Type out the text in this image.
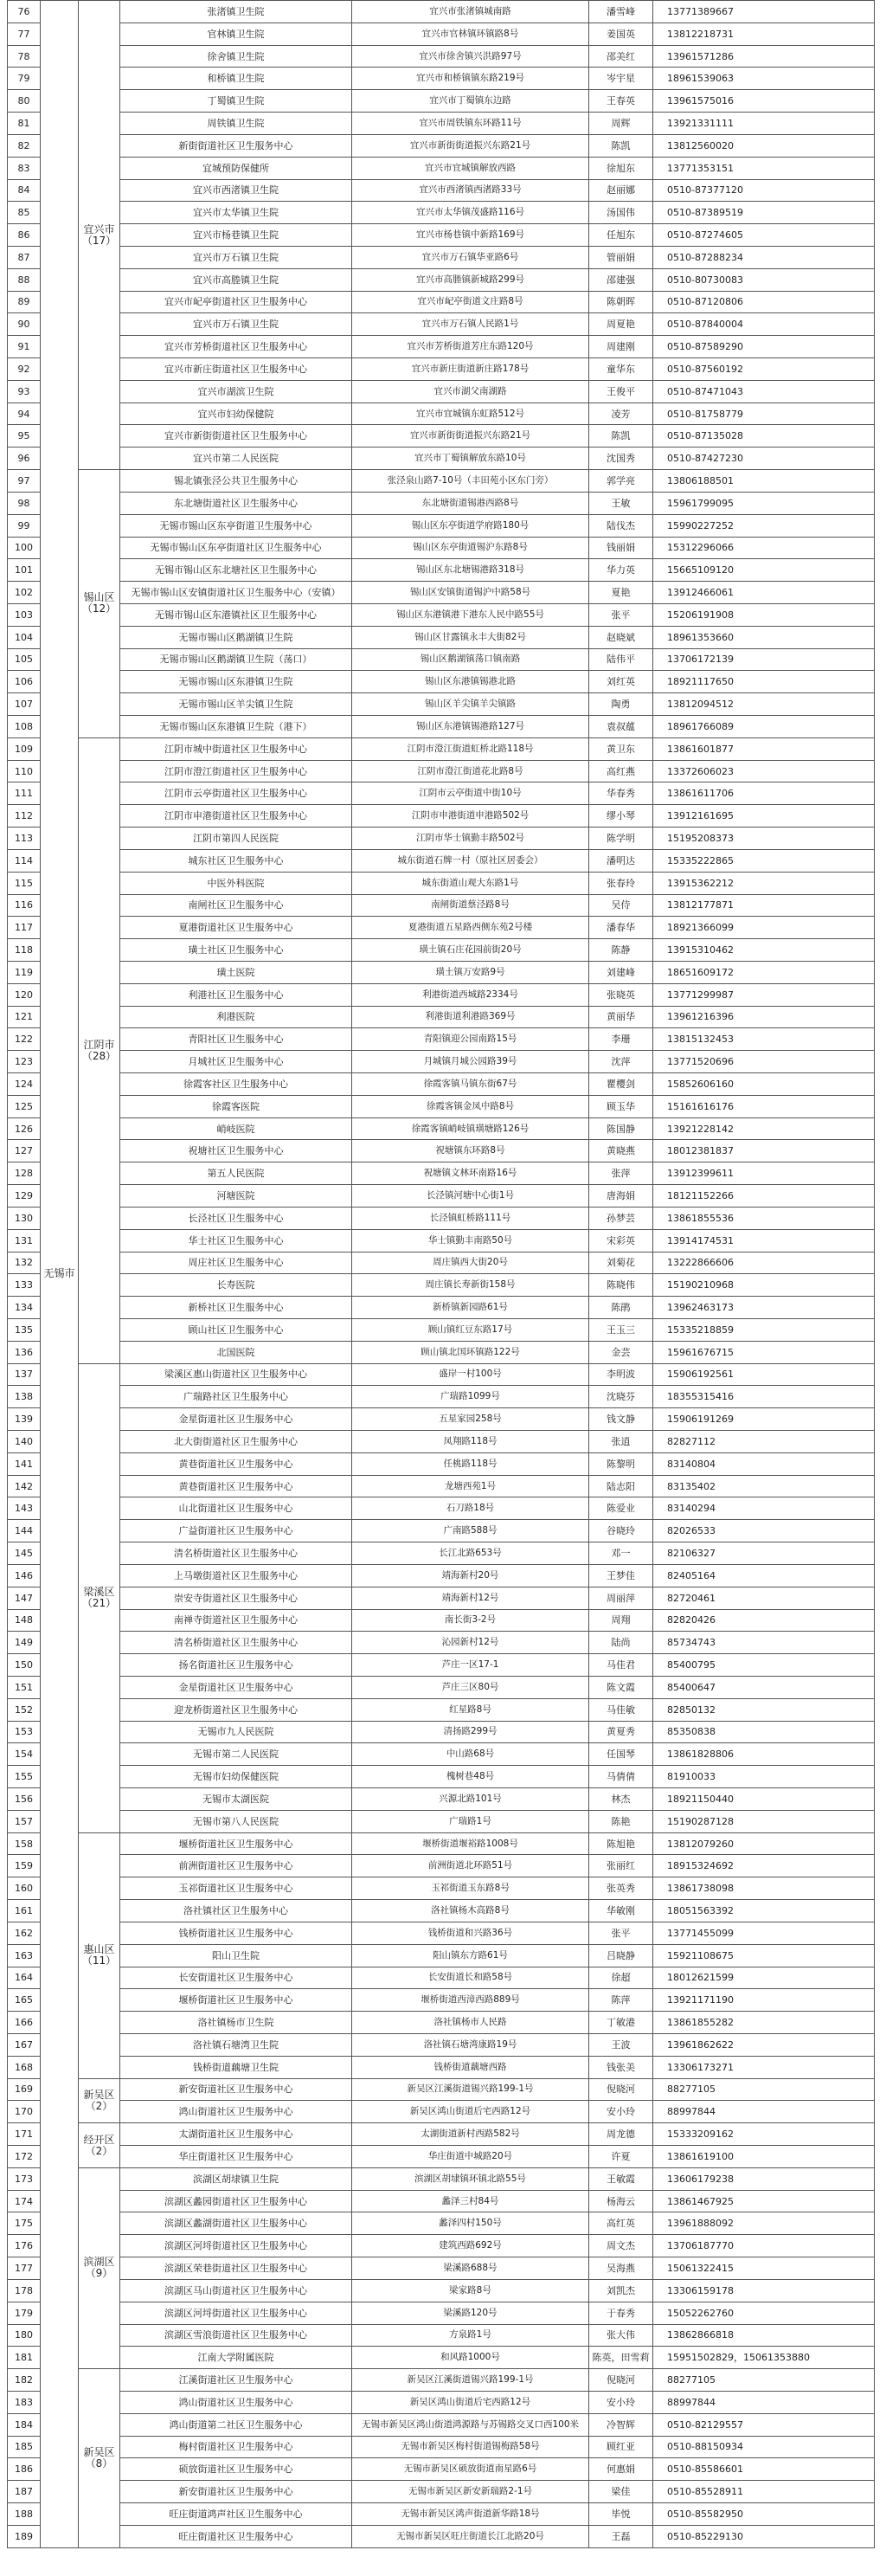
76	无锡市	宜兴市（17）	张渚镇卫生院	宜兴市张渚镇城南路	潘雪峰	13771389667
77			官林镇卫生院	宜兴市官林镇环镇路8号	姜国英	13812218731
78			徐舍镇卫生院	宜兴市徐舍镇兴洪路97号	邵美红	13961571286
79			和桥镇卫生院	宜兴市和桥镇镇东路219号	岑宇星	18961539063
80			丁蜀镇卫生院	宜兴市丁蜀镇东边路	王春英	13961575016
81			周铁镇卫生院	宜兴市周铁镇东环路11号	周辉	13921331111
82			新街街道社区卫生服务中心	宜兴市新街街道振兴东路21号	陈凯	13812560020
83			宜城预防保健所	宜兴市宜城镇解放西路	徐旭东	13771353151
84			宜兴市西渚镇卫生院	宜兴市西渚镇西渚路33号	赵丽娜	0510-87377120
85			宜兴市太华镇卫生院	宜兴市太华镇茂盛路116号	汤国伟	0510-87389519
86			宜兴市杨巷镇卫生院	宜兴市杨巷镇中新路169号	任旭东	0510-87274605
87			宜兴市万石镇卫生院	宜兴市万石镇华亚路6号	管丽娟	0510-87288234
88			宜兴市高塍镇卫生院	宜兴市高塍镇新城路299号	邵建强	0510-80730083
89			宜兴市屺亭街道社区卫生服务中心	宜兴市屺亭街道文庄路8号	陈朝晖	0510-87120806
90			宜兴市万石镇卫生院	宜兴市万石镇人民路1号	周夏艳	0510-87840004
91			宜兴市芳桥街道社区卫生服务中心	宜兴市芳桥街道芳庄东路120号	周建刚	0510-87589290
92			宜兴市新庄街道社区卫生服务中心	宜兴市新庄街道新庄路178号	童华东	0510-87560192
93			宜兴市湖滨卫生院	宜兴市湖父南湖路	王俊平	0510-87471043
94			宜兴市妇幼保健院	宜兴市宜城镇东虹路512号	凌芳	0510-81758779
95			宜兴市新街街道社区卫生服务中心	宜兴市新街街道振兴东路21号	陈凯	0510-87135028
96			宜兴市第二人民医院	宜兴市丁蜀镇解放东路10号	沈国秀	0510-87427230
97		锡山区（12）	锡北镇张泾公共卫生服务中心	张泾泉山路7-10号（丰田苑小区东门旁）	郭学亮	13806188501
98			东北塘街道社区卫生服务中心	东北塘街道锡港西路8号	王敏	15961799095
99			无锡市锡山区东亭街道卫生服务中心	锡山区东亭街道学府路180号	陆伐杰	15990227252
100			无锡市锡山区东亭街道社区卫生服务中心	锡山区东亭街道锡沪东路8号	钱丽娟	15312296066
101			无锡市锡山区东北塘社区卫生服务中心	锡山区东北塘锡港路318号	华力英	15665109120
102			无锡市锡山区安镇街道社区卫生服务中心（安镇）	锡山区安镇街道锡沪中路58号	夏艳	13912466061
103			无锡市锡山区东港镇社区卫生服务中心	锡山区东港镇港下港东人民中路55号	张平	15206191908
104			无锡市锡山区鹅湖镇卫生院	锡山区甘露镇永丰大街82号	赵晓斌	18961353660
105			无锡市锡山区鹅湖镇卫生院（荡口）	锡山区鹅湖镇荡口镇南路	陆伟平	13706172139
106			无锡市锡山区东港镇卫生院	锡山区东港镇锡港北路	刘红英	18921117650
107			无锡市锡山区羊尖镇卫生院	锡山区羊尖镇羊尖镇路	陶勇	13812094512
108			无锡市锡山区东港镇卫生院（港下）	锡山区东港镇锡港路127号	袁叔蕴	18961766089
109		江阴市（28）	江阴市城中街道社区卫生服务中心	江阴市澄江街道虹桥北路118号	黄卫东	13861601877
110			江阴市澄江街道社区卫生服务中心	江阴市澄江街道花北路8号	高红燕	13372606023
111			江阴市云亭街道社区卫生服务中心	江阴市云亭街道中街10号	华春秀	13861611706
112			江阴市申港街道社区卫生服务中心	江阴市申港街道申港路502号	缪小琴	13912161695
113			江阴市第四人民医院	江阴市华士镇勤丰路502号	陈学明	15195208373
114			城东社区卫生服务中心	城东街道石牌一村（原社区居委会）	潘明达	15335222865
115			中医外科医院	城东街道山观大东路1号	张春玲	13915362212
116			南闸社区卫生服务中心	南闸街道蔡泾路8号	吴侍	13812177871
117			夏港街道社区卫生服务中心	夏港街道五星路西侧东苑2号楼	潘春华	18921366099
118			璜土社区卫生服务中心	璜土镇石庄花园前街20号	陈静	13915310462
119			璜土医院	璜土镇万安路9号	刘建峰	18651609172
120			利港社区卫生服务中心	利港街道西城路2334号	张晓英	13771299987
121			利港医院	利港街道利港路369号	黄丽华	13961216396
122			青阳社区卫生服务中心	青阳镇迎公园南路15号	李珊	13815132453
123			月城社区卫生服务中心	月城镇月城公园路39号	沈萍	13771520696
124			徐霞客社区卫生服务中心	徐霞客镇马镇东街67号	瞿樱剑	15852606160
125			徐霞客医院	徐霞客镇金凤中路8号	顾玉华	15161616176
126			峭岐医院	徐霞客镇峭岐镇璜塘路126号	陈国静	13921228142
127			祝塘社区卫生服务中心	祝塘镇东环路8号	黄晓燕	18012381837
128			第五人民医院	祝塘镇文林环南路16号	张萍	13912399611
129			河塘医院	长泾镇河塘中心街1号	唐海娟	18121152266
130			长泾社区卫生服务中心	长泾镇虹桥路111号	孙梦芸	13861855536
131			华士社区卫生服务中心	华士镇勤丰南路50号	宋彩英	13914174531
132			周庄社区卫生服务中心	周庄镇西大街20号	刘菊花	13222866606
133			长寿医院	周庄镇长寿新街158号	陈晓伟	15190210968
134			新桥社区卫生服务中心	新桥镇新园路61号	陈鹃	13962463173
135			顾山社区卫生服务中心	顾山镇红豆东路17号	王玉三	15335218859
136			北国医院	顾山镇北国环镇路122号	金芸	15961676715
137		梁溪区（21）	梁溪区惠山街道社区卫生服务中心	盛岸一村100号	李明波	15906192561
138			广瑞路社区卫生服务中心	广瑞路1099号	沈晓芬	18355315416
139			金星街道社区卫生服务中心	五星家园258号	钱文静	15906191269
140			北大街街道社区卫生服务中心	凤翔路118号	张逍	82827112
141			黄巷街道社区卫生服务中心	任桃路118号	陈黎明	83140804
142			黄巷街道社区卫生服务中心	龙塘西苑1号	陆志阳	83135402
143			山北街道社区卫生服务中心	石刀路18号	陈爱业	83140294
144			广益街道社区卫生服务中心	广南路588号	谷晓玲	82026533
145			清名桥街道社区卫生服务中心	长江北路653号	邓一	82106327
146			上马墩街道社区卫生服务中心	靖海新村20号	王梦佳	82405164
147			崇安寺街道社区卫生服务中心	靖海新村12号	周丽萍	82720461
148			南禅寺街道社区卫生服务中心	南长街3-2号	周翔	82820426
149			清名桥街道社区卫生服务中心	沁园新村12号	陆尚	85734743
150			扬名街道社区卫生服务中心	芦庄一区17-1	马佳君	85400795
151			金星街道社区卫生服务中心	芦庄三区80号	陈文霞	85400647
152			迎龙桥街道社区卫生服务中心	红星路8号	马佳敏	82850132
153			无锡市九人民医院	清扬路299号	黄夏秀	85350838
154			无锡市第二人民医院	中山路68号	任国琴	13861828806
155			无锡市妇幼保健医院	槐树巷48号	马倩倩	81910033
156			无锡市太湖医院	兴源北路101号	林杰	18921150440
157			无锡市第八人民医院	广瑞路1号	陈艳	15190287128
158		惠山区（11）	堰桥街道社区卫生服务中心	堰桥街道堰裕路1008号	陈旭艳	13812079260
159			前洲街道社区卫生服务中心	前洲街道北环路51号	张丽红	18915324692
160			玉祁街道社区卫生服务中心	玉祁街道玉东路8号	张英秀	13861738098
161			洛社镇社区卫生服务中心	洛社镇杨木高路8号	华敏刚	18051563392
162			钱桥街道社区卫生服务中心	钱桥街道和兴路36号	张平	13771455099
163			阳山卫生院	阳山镇东方路61号	吕晓静	15921108675
164			长安街道社区卫生服务中心	长安街道长和路58号	徐超	18012621599
165			堰桥街道社区卫生服务中心	堰桥街道西漳西路889号	陈萍	13921171190
166			洛社镇杨市卫生院	洛社镇杨市人民路	丁敏港	13861855282
167			洛社镇石塘湾卫生院	洛社镇石塘湾康路19号	王波	13961862622
168			钱桥街道藕塘卫生院	钱桥街道藕塘西路	钱张美	13306173271
169		新吴区（2）	新安街道社区卫生服务中心	新吴区江溪街道锡兴路199-1号	倪晓河	88277105
170			鸿山街道社区卫生服务中心	新吴区鸿山街道后宅西路12号	安小玲	88997844
171		经开区（2）	太湖街道社区卫生服务中心	太湖街道新村西路582号	周龙德	15333209162
172			华庄街道社区卫生服务中心	华庄街道中城路20号	许夏	13861619100
173		滨湖区（9）	滨湖区胡埭镇卫生院	滨湖区胡埭镇环镇北路55号	王敏霞	13606179238
174			滨湖区蠡园街道社区卫生服务中心	蠡泽三村84号	杨海云	13861467925
175			滨湖区蠡湖街道社区卫生服务中心	蠡泽四村150号	高红英	13961888092
176			滨湖区河埒街道社区卫生服务中心	建筑西路692号	周文杰	13706187770
177			滨湖区荣巷街道社区卫生服务中心	梁溪路688号	吴海燕	15061322415
178			滨湖区马山街道社区卫生服务中心	梁家路8号	刘凯杰	13306159178
179			滨湖区河埒街道社区卫生服务中心	梁溪路120号	于春秀	15052262760
180			滨湖区雪浪街道社区卫生服务中心	方泉路1号	张大伟	13862866818
181			江南大学附属医院	和风路1000号	陈英，田雪莉	15951502829，15061353880
182		新吴区（8）	江溪街道社区卫生服务中心	新吴区江溪街道锡兴路199-1号	倪晓河	88277105
183			鸿山街道社区卫生服务中心	新吴区鸿山街道后宅西路12号	安小玲	88997844
184			鸿山街道第二社区卫生服务中心	无锡市新吴区鸿山街道鸿源路与苏锡路交叉口西100米	冷智辉	0510-82129557
185			梅村街道社区卫生服务中心	无锡市新吴区梅村街道锡梅路58号	顾红亚	0510-88150934
186			硕放街道社区卫生服务中心	无锡市新吴区硕放街道南星路6号	何惠娟	0510-85586601
187			新安街道社区卫生服务中心	无锡市新吴区新安新瑞路2-1号	梁佳	0510-85528911
188			旺庄街道鸿声社区卫生服务中心	无锡市新吴区鸿声街道新华路18号	毕悦	0510-85582950
189			旺庄街道社区卫生服务中心	无锡市新吴区旺庄街道长江北路20号	王磊	0510-85229130
